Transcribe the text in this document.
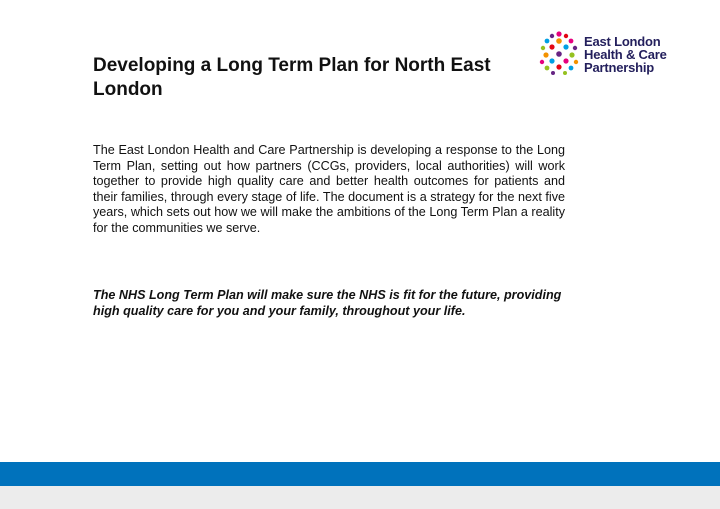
Developing a Long Term Plan for North East London
East London
Health & Care
Partnership

The East London Health and Care Partnership is developing a response to the Long Term Plan, setting out how partners (CCGs, providers, local authorities) will work together to provide high quality care and better health outcomes for patients and their families, through every stage of life. The document is a strategy for the next five years, which sets out how we will make the ambitions of the Long Term Plan a reality for the communities we serve.

The NHS Long Term Plan will make sure the NHS is fit for the future, providing high quality care for you and your family, throughout your life.
